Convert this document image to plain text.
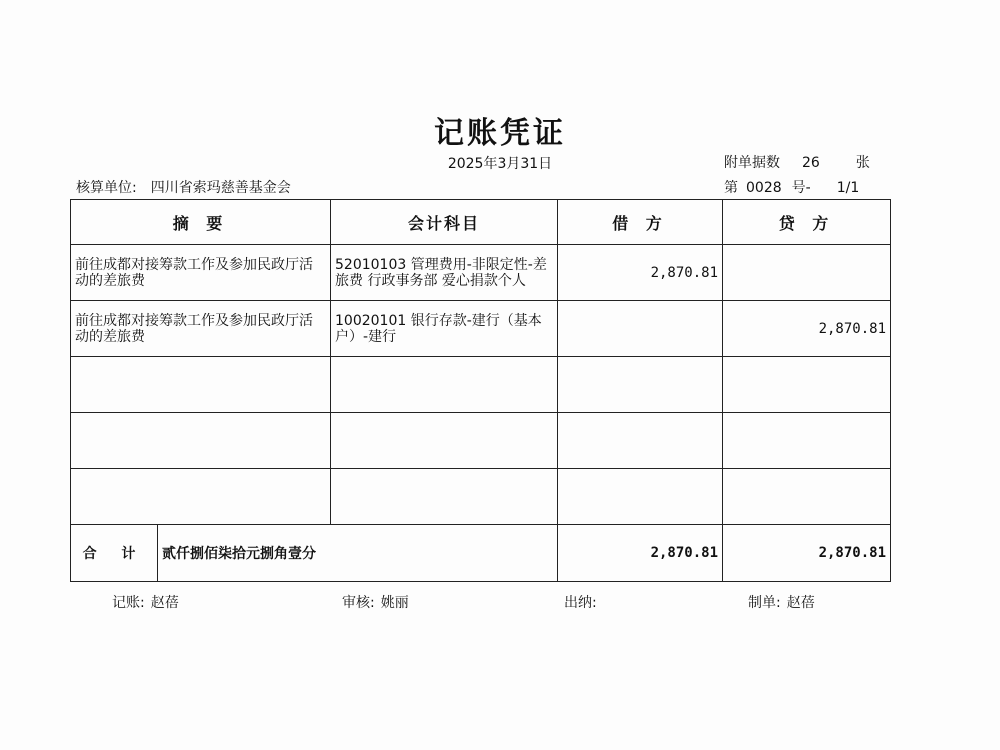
记账凭证
2025年3月31日
核算单位: 四川省索玛慈善基金会
附单据数 26	张
第 0028 号- 1/1
摘 要		会计科目	借 方	贷 方
前往成都对接筹款工作及参加民政厅活动的差旅费		52010103 管理费用-非限定性-差旅费 行政事务部 爱心捐款个人	2,870.81	
前往成都对接筹款工作及参加民政厅活动的差旅费		10020101 银行存款-建行（基本户）-建行		2,870.81

合 计	贰仟捌佰柒拾元捌角壹分		2,870.81	2,870.81
记账: 赵蓓	审核: 姚丽	出纳:	制单: 赵蓓
